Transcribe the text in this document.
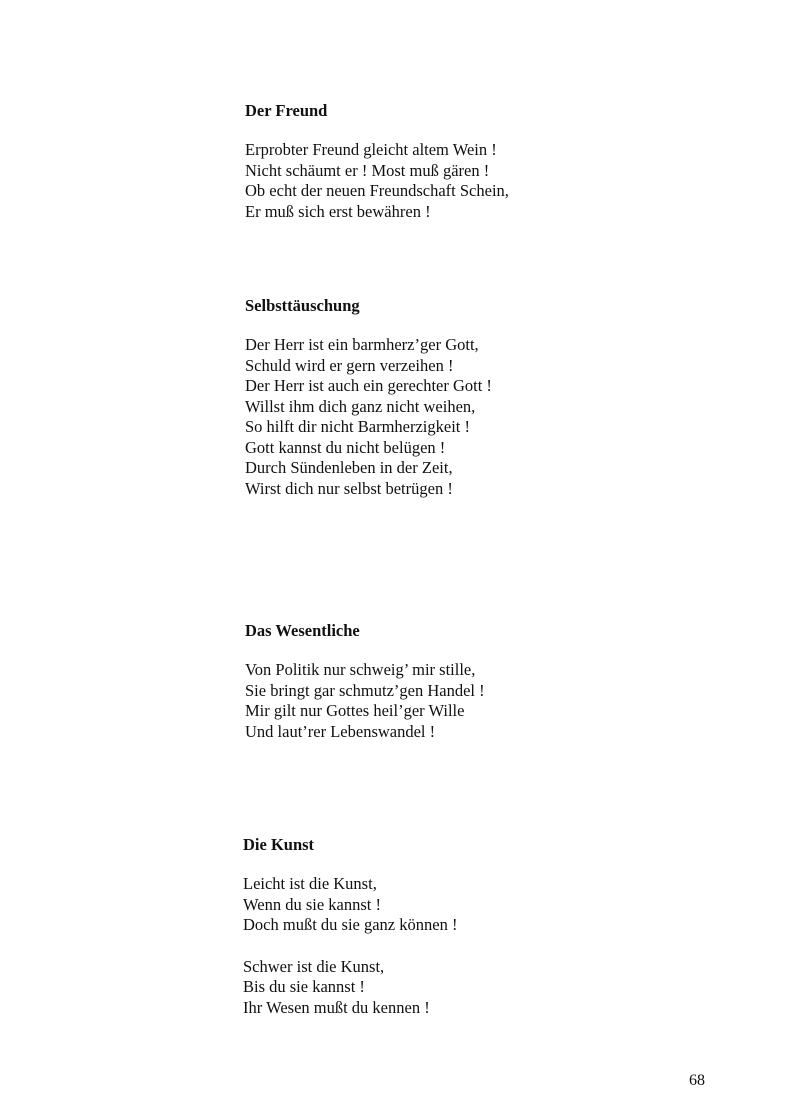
Der Freund
Erprobter Freund gleicht altem Wein !
Nicht schäumt er ! Most muß gären !
Ob echt der neuen Freundschaft Schein,
Er muß sich erst bewähren !
Selbsttäuschung
Der Herr ist ein barmherz’ger Gott,
Schuld wird er gern verzeihen !
Der Herr ist auch ein gerechter Gott !
Willst ihm dich ganz nicht weihen,
So hilft dir nicht Barmherzigkeit !
Gott kannst du nicht belügen !
Durch Sündenleben in der Zeit,
Wirst dich nur selbst betrügen !
Das Wesentliche
Von Politik nur schweig’ mir stille,
Sie bringt gar schmutz’gen Handel !
Mir gilt nur Gottes heil’ger Wille
Und laut’rer Lebenswandel !
Die Kunst
Leicht ist die Kunst,
Wenn du sie kannst !
Doch mußt du sie ganz können !
Schwer ist die Kunst,
Bis du sie kannst !
Ihr Wesen mußt du kennen !
68
